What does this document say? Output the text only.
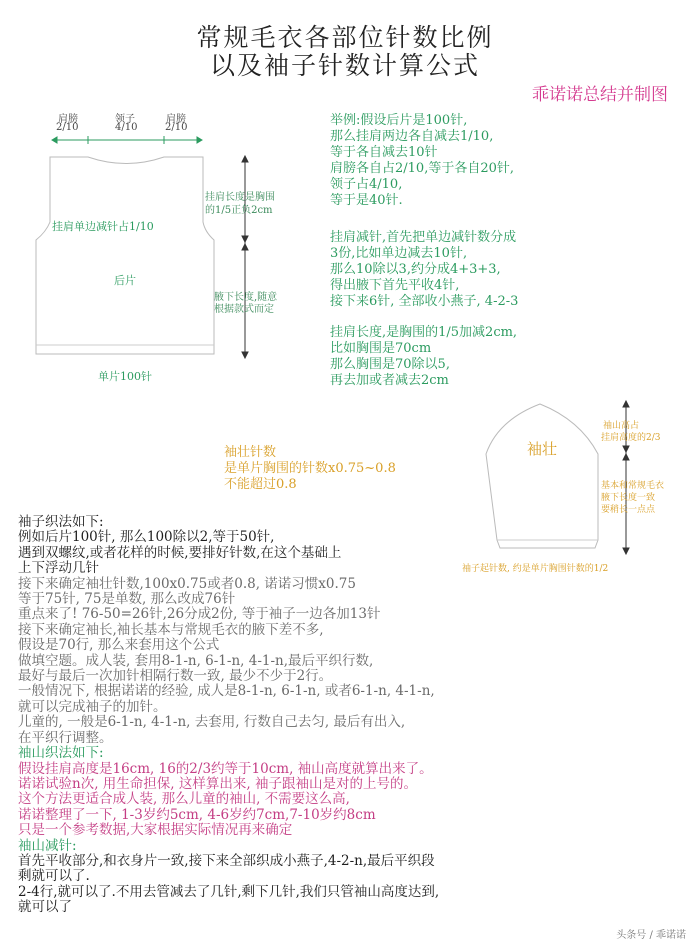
常规毛衣各部位针数比例
以及袖子针数计算公式
乖诺诺总结并制图
肩膀
2/10
领子
4/10
肩膀
2/10
挂肩长度是胸围
的1/5正负2cm
挂肩单边减针占1/10
后片
腋下长度,随意
根据款式而定
单片100针
举例:假设后片是100针,
那么挂肩两边各自减去1/10,
等于各自减去10针
肩膀各自占2/10,等于各自20针,
领子占4/10,
等于是40针.
挂肩减针,首先把单边减针数分成
3份,比如单边减去10针,
那么10除以3,约分成4+3+3,
得出腋下首先平收4针,
接下来6针, 全部收小燕子, 4-2-3
挂肩长度,是胸围的1/5加减2cm,
比如胸围是70cm
那么胸围是70除以5,
再去加或者减去2cm
袖壮针数
是单片胸围的针数x0.75~0.8
不能超过0.8
袖壮
袖山高占
挂肩高度的2/3
基本和常规毛衣
腋下长度一致
要稍长一点点
袖子起针数, 约是单片胸围针数的1/2
袖子织法如下:
例如后片100针, 那么100除以2,等于50针,
遇到双螺纹,或者花样的时候,要排好针数,在这个基础上
上下浮动几针
接下来确定袖壮针数,100x0.75或者0.8, 诺诺习惯x0.75
等于75针, 75是单数, 那么改成76针
重点来了! 76-50=26针,26分成2份, 等于袖子一边各加13针
接下来确定袖长,袖长基本与常规毛衣的腋下差不多,
假设是70行, 那么来套用这个公式
做填空题。成人装, 套用8-1-n, 6-1-n, 4-1-n,最后平织行数,
最好与最后一次加针相隔行数一致, 最少不少于2行。
一般情况下, 根据诺诺的经验, 成人是8-1-n, 6-1-n, 或者6-1-n, 4-1-n,
就可以完成袖子的加针。
儿童的, 一般是6-1-n, 4-1-n, 去套用, 行数自己去匀, 最后有出入,
在平织行调整。
袖山织法如下:
假设挂肩高度是16cm, 16的2/3约等于10cm, 袖山高度就算出来了。
诺诺试验n次, 用生命担保, 这样算出来, 袖子跟袖山是对的上号的。
这个方法更适合成人装, 那么儿童的袖山, 不需要这么高,
诺诺整理了一下, 1-3岁约5cm, 4-6岁约7cm,7-10岁约8cm
只是一个参考数据,大家根据实际情况再来确定
袖山减针:
首先平收部分,和衣身片一致,接下来全部织成小燕子,4-2-n,最后平织段
剩就可以了.
2-4行,就可以了.不用去管减去了几针,剩下几针,我们只管袖山高度达到,
就可以了
头条号 / 乖诺诺
